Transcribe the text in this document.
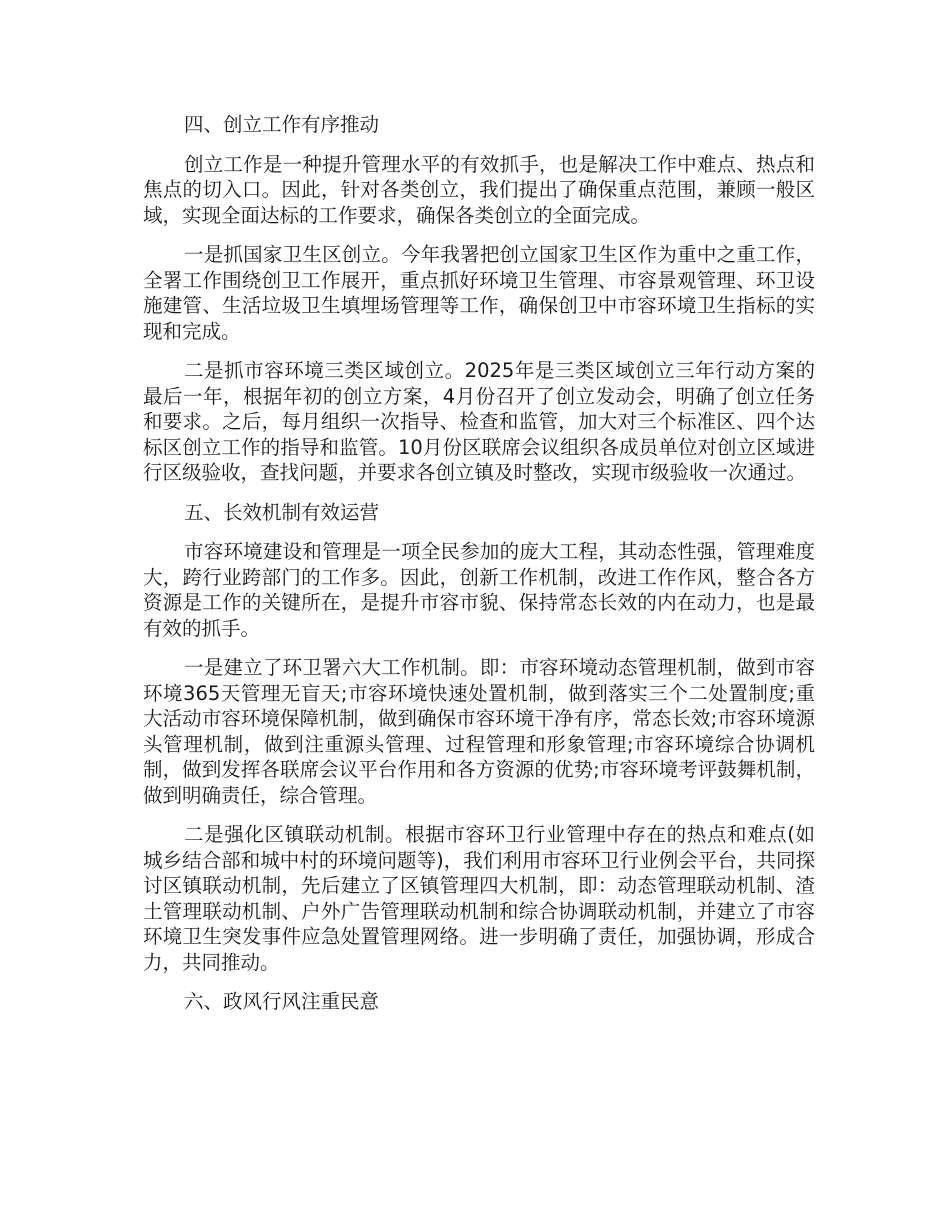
四、创立工作有序推动

创立工作是一种提升管理水平的有效抓手，也是解决工作中难点、热点和焦点的切入口。因此，针对各类创立，我们提出了确保重点范围，兼顾一般区域，实现全面达标的工作要求，确保各类创立的全面完成。

一是抓国家卫生区创立。今年我署把创立国家卫生区作为重中之重工作，全署工作围绕创卫工作展开，重点抓好环境卫生管理、市容景观管理、环卫设施建管、生活垃圾卫生填埋场管理等工作，确保创卫中市容环境卫生指标的实现和完成。

二是抓市容环境三类区域创立。2025年是三类区域创立三年行动方案的最后一年，根据年初的创立方案，4月份召开了创立发动会，明确了创立任务和要求。之后，每月组织一次指导、检查和监管，加大对三个标准区、四个达标区创立工作的指导和监管。10月份区联席会议组织各成员单位对创立区域进行区级验收，查找问题，并要求各创立镇及时整改，实现市级验收一次通过。

五、长效机制有效运营

市容环境建设和管理是一项全民参加的庞大工程，其动态性强，管理难度大，跨行业跨部门的工作多。因此，创新工作机制，改进工作作风，整合各方资源是工作的关键所在，是提升市容市貌、保持常态长效的内在动力，也是最有效的抓手。

一是建立了环卫署六大工作机制。即：市容环境动态管理机制，做到市容环境365天管理无盲天;市容环境快速处置机制，做到落实三个二处置制度;重大活动市容环境保障机制，做到确保市容环境干净有序，常态长效;市容环境源头管理机制，做到注重源头管理、过程管理和形象管理;市容环境综合协调机制，做到发挥各联席会议平台作用和各方资源的优势;市容环境考评鼓舞机制，做到明确责任，综合管理。

二是强化区镇联动机制。根据市容环卫行业管理中存在的热点和难点(如城乡结合部和城中村的环境问题等)，我们利用市容环卫行业例会平台，共同探讨区镇联动机制，先后建立了区镇管理四大机制，即：动态管理联动机制、渣土管理联动机制、户外广告管理联动机制和综合协调联动机制，并建立了市容环境卫生突发事件应急处置管理网络。进一步明确了责任，加强协调，形成合力，共同推动。

六、政风行风注重民意
